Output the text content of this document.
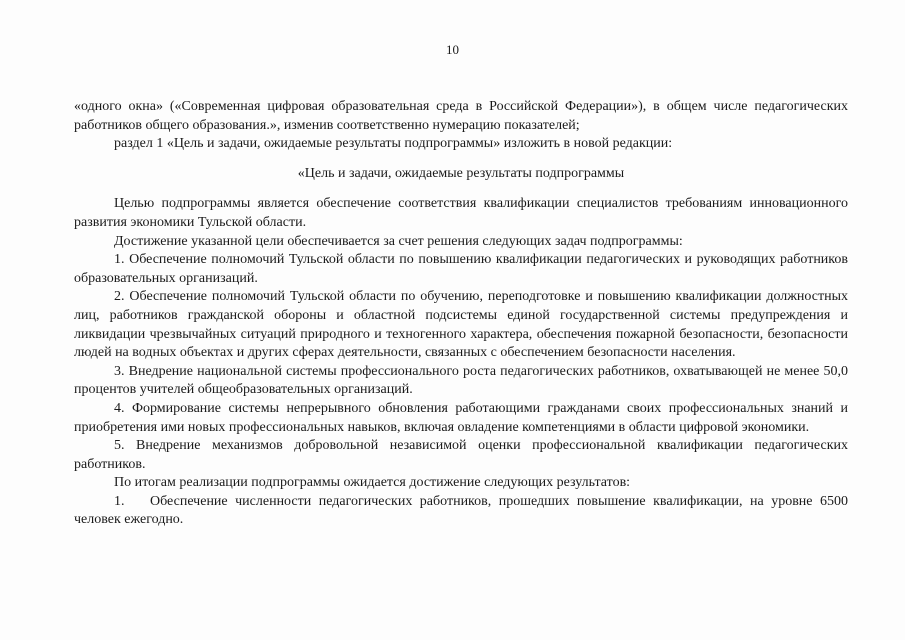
10

«одного окна» («Современная цифровая образовательная среда в Российской Федерации»), в общем числе педагогических работников общего образования.», изменив соответственно нумерацию показателей;

раздел 1 «Цель и задачи, ожидаемые результаты подпрограммы» изложить в новой редакции:

«Цель и задачи, ожидаемые результаты подпрограммы

Целью подпрограммы является обеспечение соответствия квалификации специалистов требованиям инновационного развития экономики Тульской области.

Достижение указанной цели обеспечивается за счет решения следующих задач подпрограммы:

1. Обеспечение полномочий Тульской области по повышению квалификации педагогических и руководящих работников образовательных организаций.

2. Обеспечение полномочий Тульской области по обучению, переподготовке и повышению квалификации должностных лиц, работников гражданской обороны и областной подсистемы единой государственной системы предупреждения и ликвидации чрезвычайных ситуаций природного и техногенного характера, обеспечения пожарной безопасности, безопасности людей на водных объектах и других сферах деятельности, связанных с обеспечением безопасности населения.

3. Внедрение национальной системы профессионального роста педагогических работников, охватывающей не менее 50,0 процентов учителей общеобразовательных организаций.

4. Формирование системы непрерывного обновления работающими гражданами своих профессиональных знаний и приобретения ими новых профессиональных навыков, включая овладение компетенциями в области цифровой экономики.

5. Внедрение механизмов добровольной независимой оценки профессиональной квалификации педагогических работников.

По итогам реализации подпрограммы ожидается достижение следующих результатов:

1. Обеспечение численности педагогических работников, прошедших повышение квалификации, на уровне 6500 человек ежегодно.
